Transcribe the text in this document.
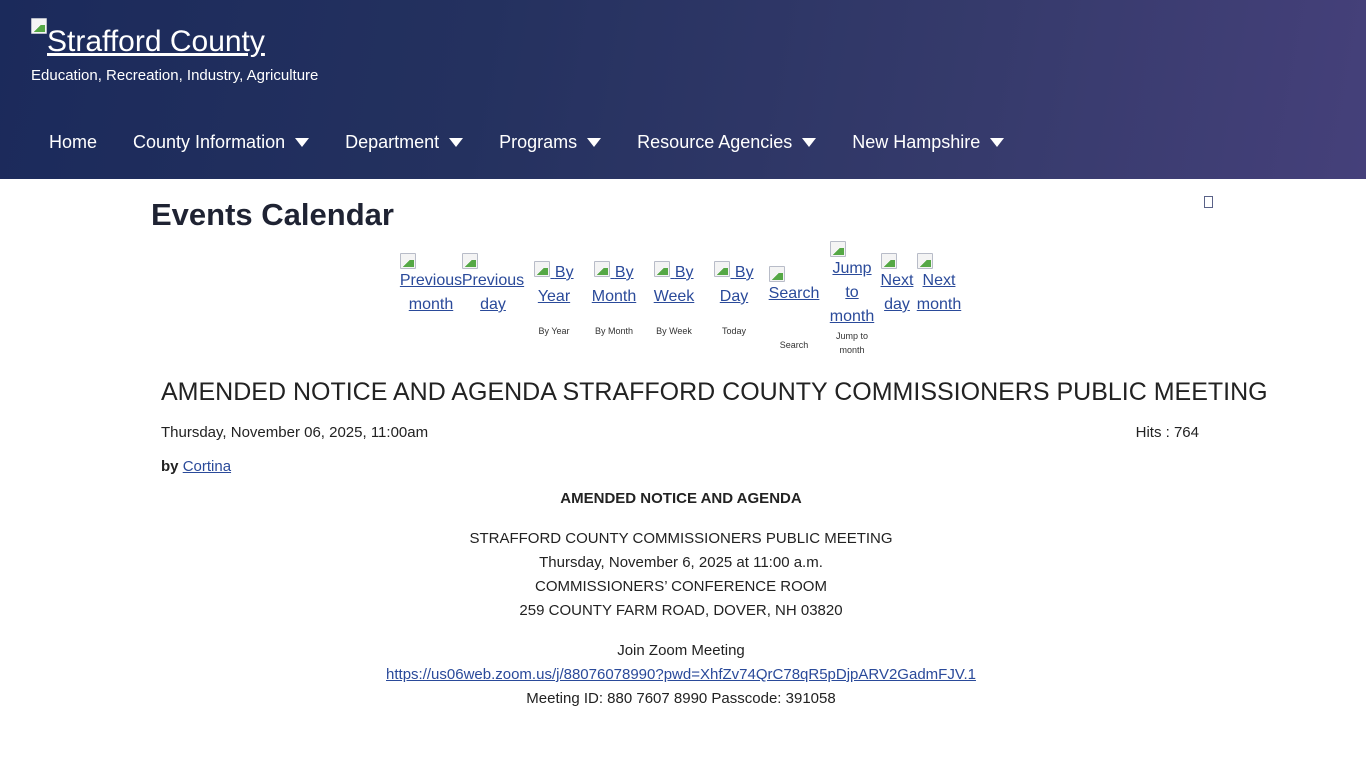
Strafford County
Education, Recreation, Industry, Agriculture
Home County Information	Department	Programs	Resource Agencies	New Hampshire
Events Calendar
Previous
month
Previous
day
By
Year
By Year
By
Month
By Month
By
Week
By Week
By
Day
Today
Search
Search
Jump
to
month
Jump to
month
Next
day
Next
month
AMENDED NOTICE AND AGENDA STRAFFORD COUNTY COMMISSIONERS PUBLIC MEETING
Thursday, November 06, 2025, 11:00am	Hits : 764
by Cortina
AMENDED NOTICE AND AGENDA
STRAFFORD COUNTY COMMISSIONERS PUBLIC MEETING
Thursday, November 6, 2025 at 11:00 a.m.
COMMISSIONERS’ CONFERENCE ROOM
259 COUNTY FARM ROAD, DOVER, NH 03820
Join Zoom Meeting
https://us06web.zoom.us/j/88076078990?pwd=XhfZv74QrC78qR5pDjpARV2GadmFJV.1
Meeting ID: 880 7607 8990 Passcode: 391058
